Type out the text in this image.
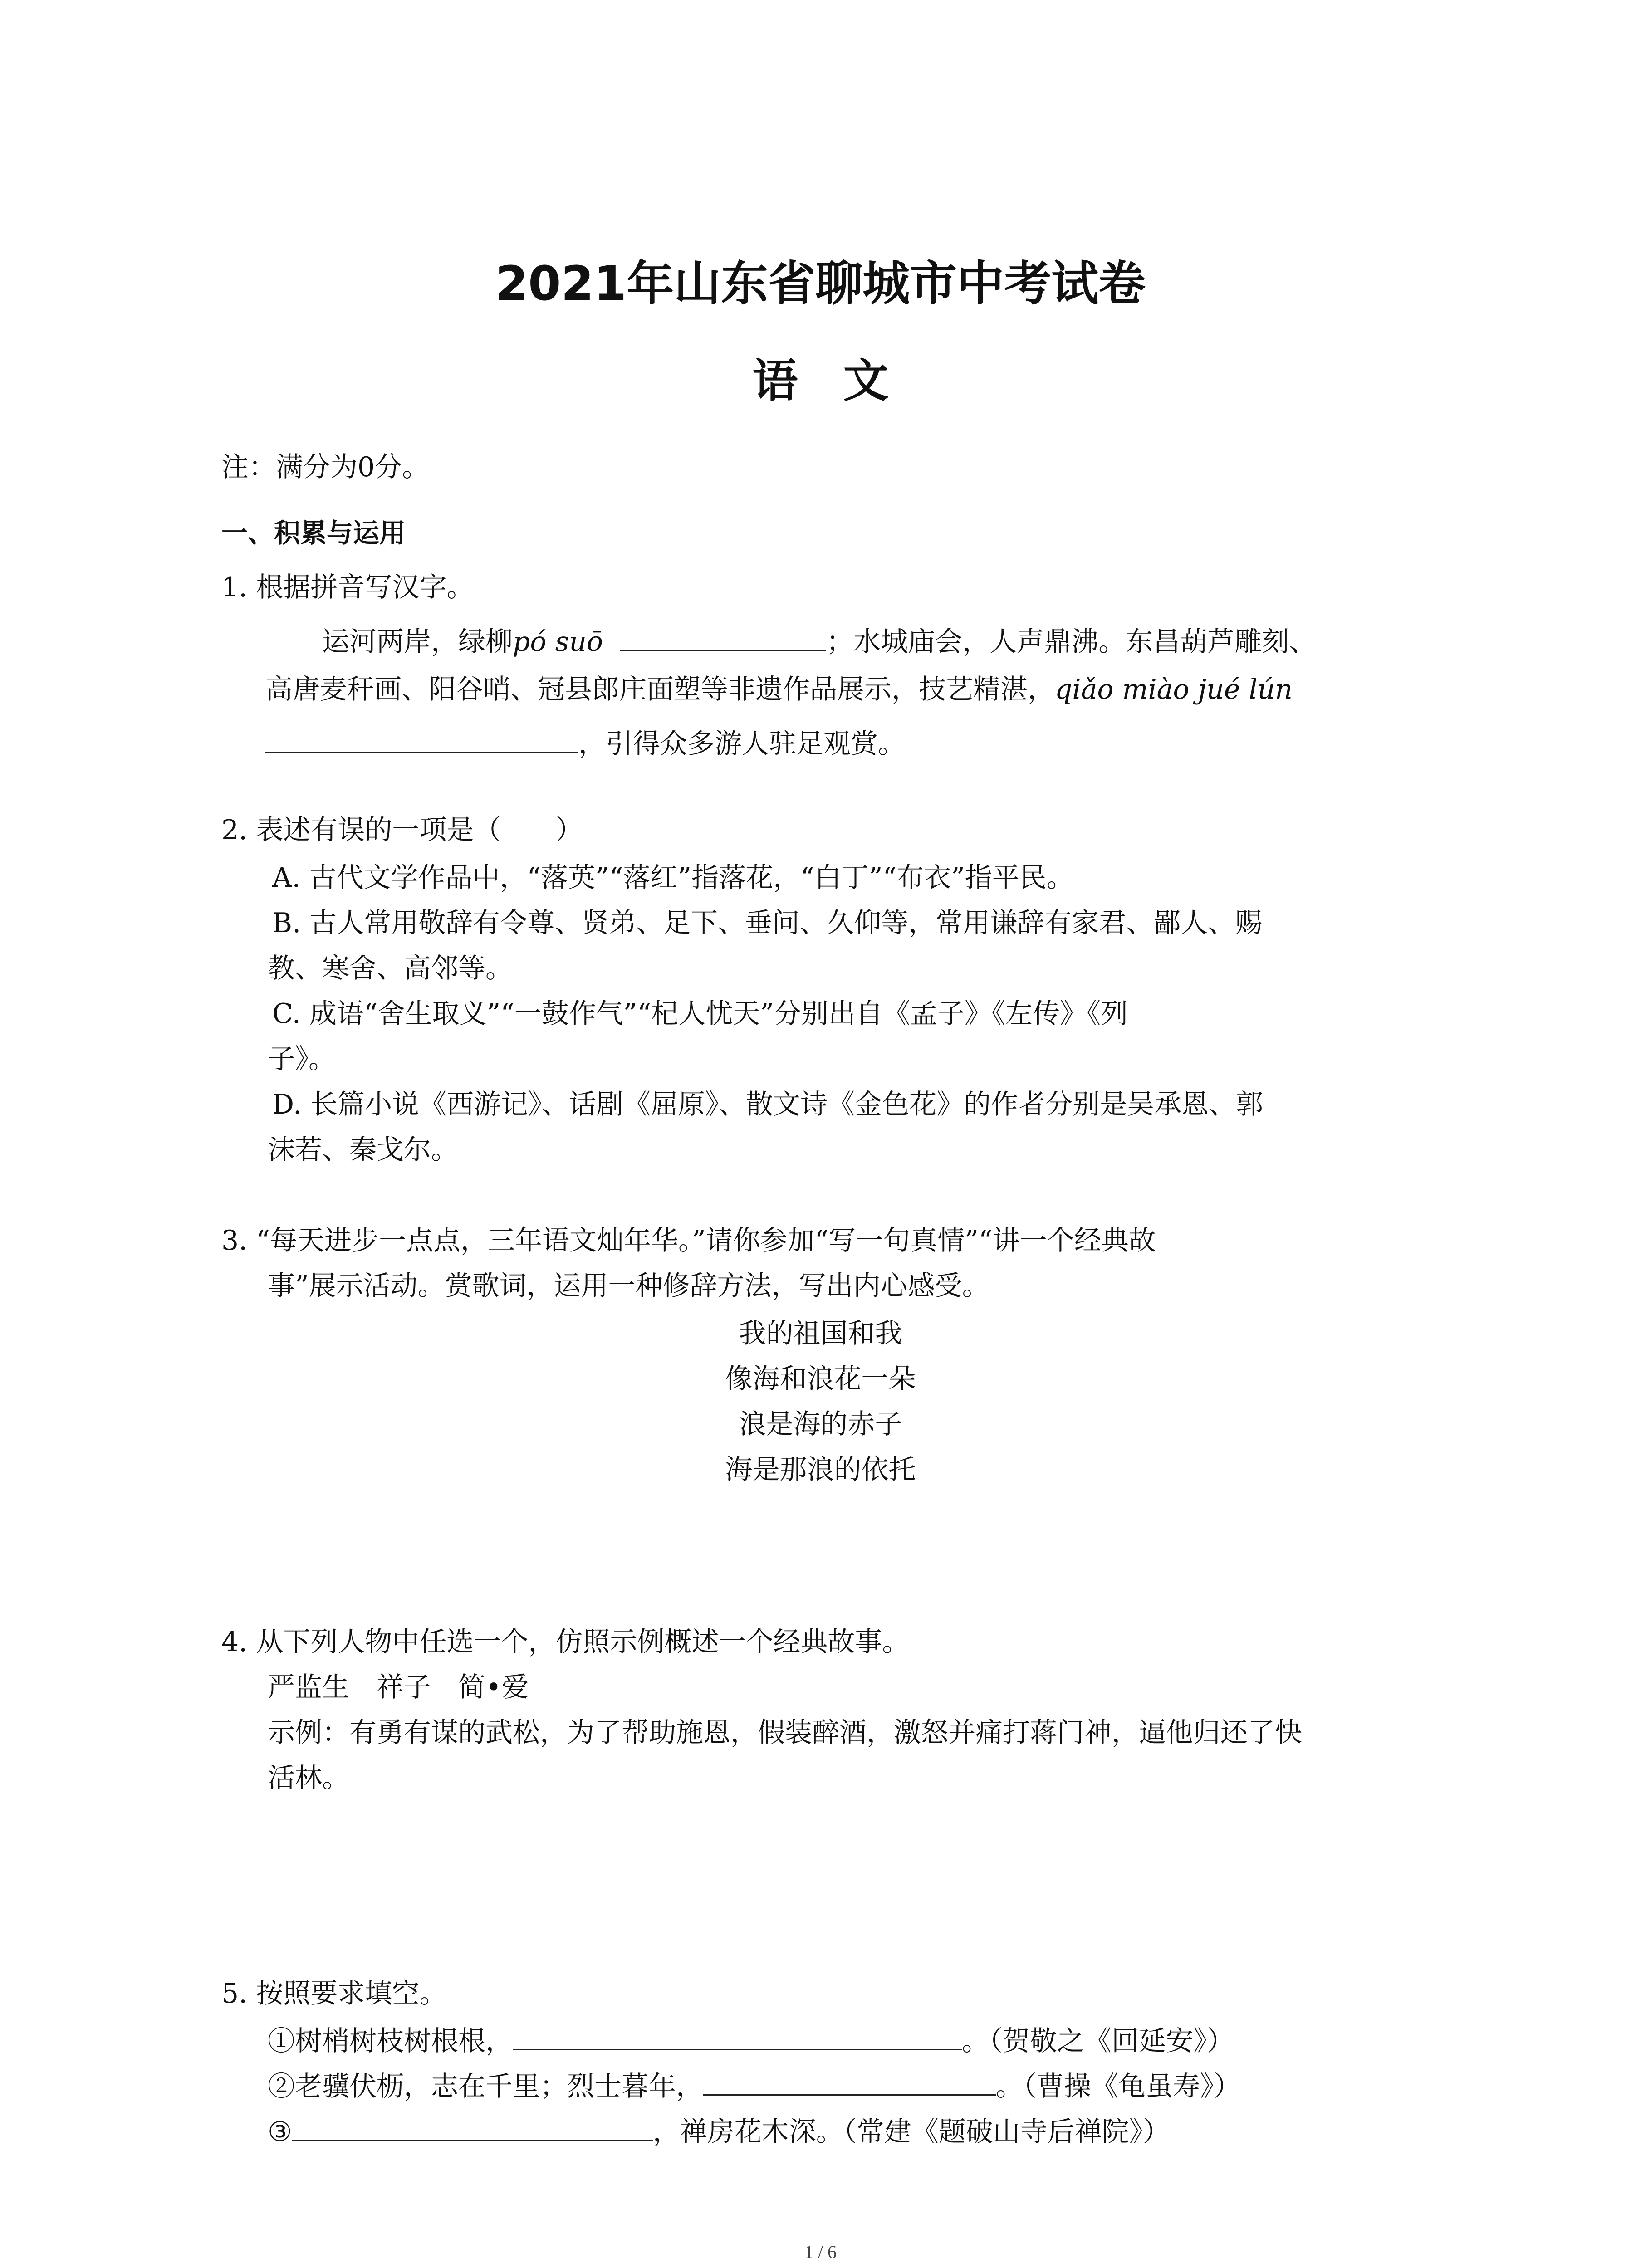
2021年山东省聊城市中考试卷
语　文
注：满分为0分。
一、积累与运用
1. 根据拼音写汉字。
运河两岸，绿柳pó suō	；水城庙会，人声鼎沸。东昌葫芦雕刻、
高唐麦秆画、阳谷哨、冠县郎庄面塑等非遗作品展示，技艺精湛，qiǎo miào jué lún
，引得众多游人驻足观赏。
2. 表述有误的一项是（　　）
A. 古代文学作品中，“落英”“落红”指落花，“白丁”“布衣”指平民。
B. 古人常用敬辞有令尊、贤弟、足下、垂问、久仰等，常用谦辞有家君、鄙人、赐
教、寒舍、高邻等。
C. 成语“舍生取义”“一鼓作气”“杞人忧天”分别出自《孟子》《左传》《列
子》。
D. 长篇小说《西游记》、话剧《屈原》、散文诗《金色花》的作者分别是吴承恩、郭
沫若、秦戈尔。
3. “每天进步一点点，三年语文灿年华。”请你参加“写一句真情”“讲一个经典故
事”展示活动。赏歌词，运用一种修辞方法，写出内心感受。
我的祖国和我
像海和浪花一朵
浪是海的赤子
海是那浪的依托
4. 从下列人物中任选一个，仿照示例概述一个经典故事。
严监生　祥子　简•爱
示例：有勇有谋的武松，为了帮助施恩，假装醉酒，激怒并痛打蒋门神，逼他归还了快
活林。
5. 按照要求填空。
①树梢树枝树根根，	。（贺敬之《回延安》）
②老骥伏枥，志在千里；烈士暮年，	。（曹操《龟虽寿》）
③	，禅房花木深。（常建《题破山寺后禅院》）
1 / 6
